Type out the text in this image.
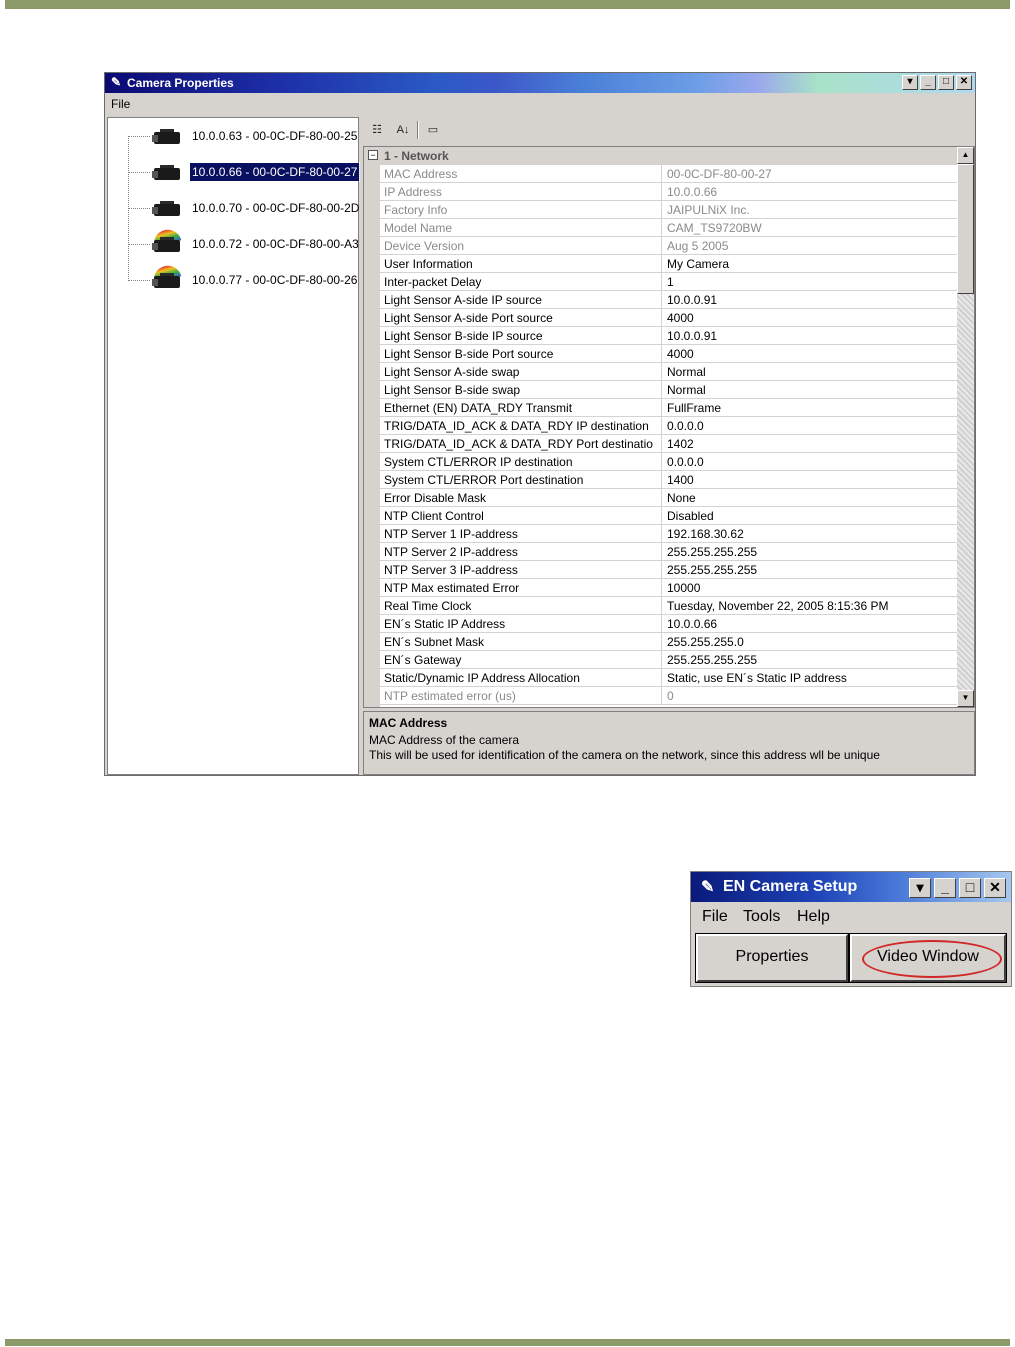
✎ Camera Properties	▾	_	□	✕
File
10.0.0.63 - 00-0C-DF-80-00-25
10.0.0.66 - 00-0C-DF-80-00-27
10.0.0.70 - 00-0C-DF-80-00-2D
10.0.0.72 - 00-0C-DF-80-00-A3
10.0.0.77 - 00-0C-DF-80-00-26
☷	A↓	▭
− 1 - Network
MAC Address	00-0C-DF-80-00-27
IP Address	10.0.0.66
Factory Info	JAIPULNiX Inc.
Model Name	CAM_TS9720BW
Device Version	Aug 5 2005
User Information	My Camera
Inter-packet Delay	1
Light Sensor A-side IP source	10.0.0.91
Light Sensor A-side Port source	4000
Light Sensor B-side IP source	10.0.0.91
Light Sensor B-side Port source	4000
Light Sensor A-side swap	Normal
Light Sensor B-side swap	Normal
Ethernet (EN) DATA_RDY Transmit	FullFrame
TRIG/DATA_ID_ACK & DATA_RDY IP destination	0.0.0.0
TRIG/DATA_ID_ACK & DATA_RDY Port destinatio	1402
System CTL/ERROR IP destination	0.0.0.0
System CTL/ERROR Port destination	1400
Error Disable Mask	None
NTP Client Control	Disabled
NTP Server 1 IP-address	192.168.30.62
NTP Server 2 IP-address	255.255.255.255
NTP Server 3 IP-address	255.255.255.255
NTP Max estimated Error	10000
Real Time Clock	Tuesday, November 22, 2005 8:15:36 PM
EN´s Static IP Address	10.0.0.66
EN´s Subnet Mask	255.255.255.0
EN´s Gateway	255.255.255.255
Static/Dynamic IP Address Allocation	Static, use EN´s Static IP address
NTP estimated error (us)	0
▲
▼
MAC Address
MAC Address of the camera
This will be used for identification of the camera on the network, since this address wll be unique
✎ EN Camera Setup	▾	_	□	✕
File Tools Help
Properties	Video Window
